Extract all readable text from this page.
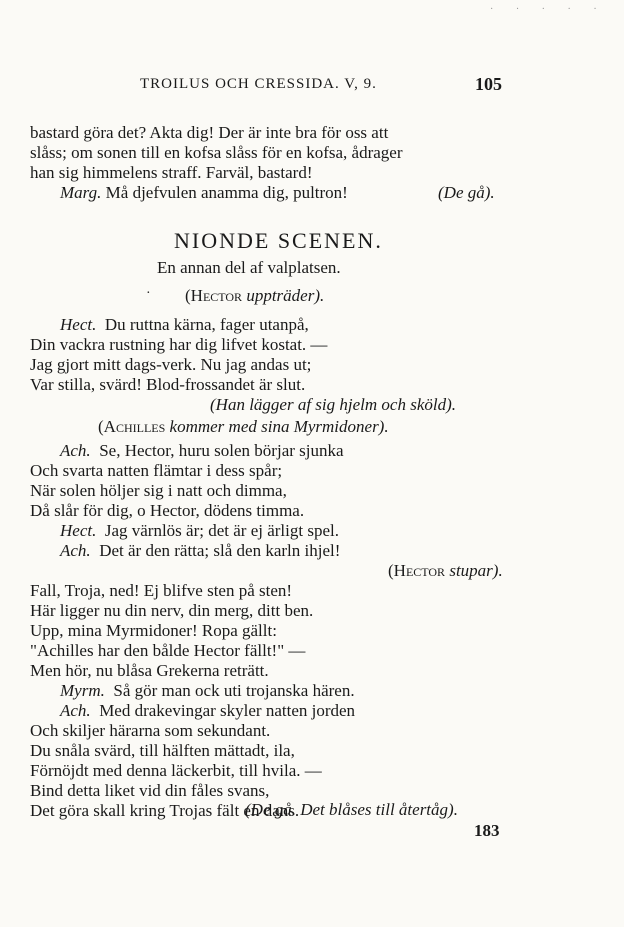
· · · · ·
TROILUS OCH CRESSIDA. V, 9.	105
bastard göra det? Akta dig! Der är inte bra för oss att
slåss; om sonen till en kofsa slåss för en kofsa, ådrager
han sig himmelens straff. Farväl, bastard!
Marg. Må djefvulen anamma dig, pultron!	(De gå).
NIONDE SCENEN.
En annan del af valplatsen.
· (Hector uppträder).
Hect. Du ruttna kärna, fager utanpå,
Din vackra rustning har dig lifvet kostat. —
Jag gjort mitt dags-verk. Nu jag andas ut;
Var stilla, svärd! Blod-frossandet är slut.
(Han lägger af sig hjelm och sköld).
(Achilles kommer med sina Myrmidoner).
Ach. Se, Hector, huru solen börjar sjunka
Och svarta natten flämtar i dess spår;
När solen höljer sig i natt och dimma,
Då slår för dig, o Hector, dödens timma.
Hect. Jag värnlös är; det är ej ärligt spel.
Ach. Det är den rätta; slå den karln ihjel!
(Hector stupar).
Fall, Troja, ned! Ej blifve sten på sten!
Här ligger nu din nerv, din merg, ditt ben.
Upp, mina Myrmidoner! Ropa gällt:
"Achilles har den bålde Hector fällt!" —
Men hör, nu blåsa Grekerna reträtt.
Myrm. Så gör man ock uti trojanska hären.
Ach. Med drakevingar skyler natten jorden
Och skiljer härarna som sekundant.
Du snåla svärd, till hälften mättadt, ila,
Förnöjdt med denna läckerbit, till hvila. —
Bind detta liket vid din fåles svans,
Det göra skall kring Trojas fält en dans.
(De gå. Det blåses till återtåg).
183
